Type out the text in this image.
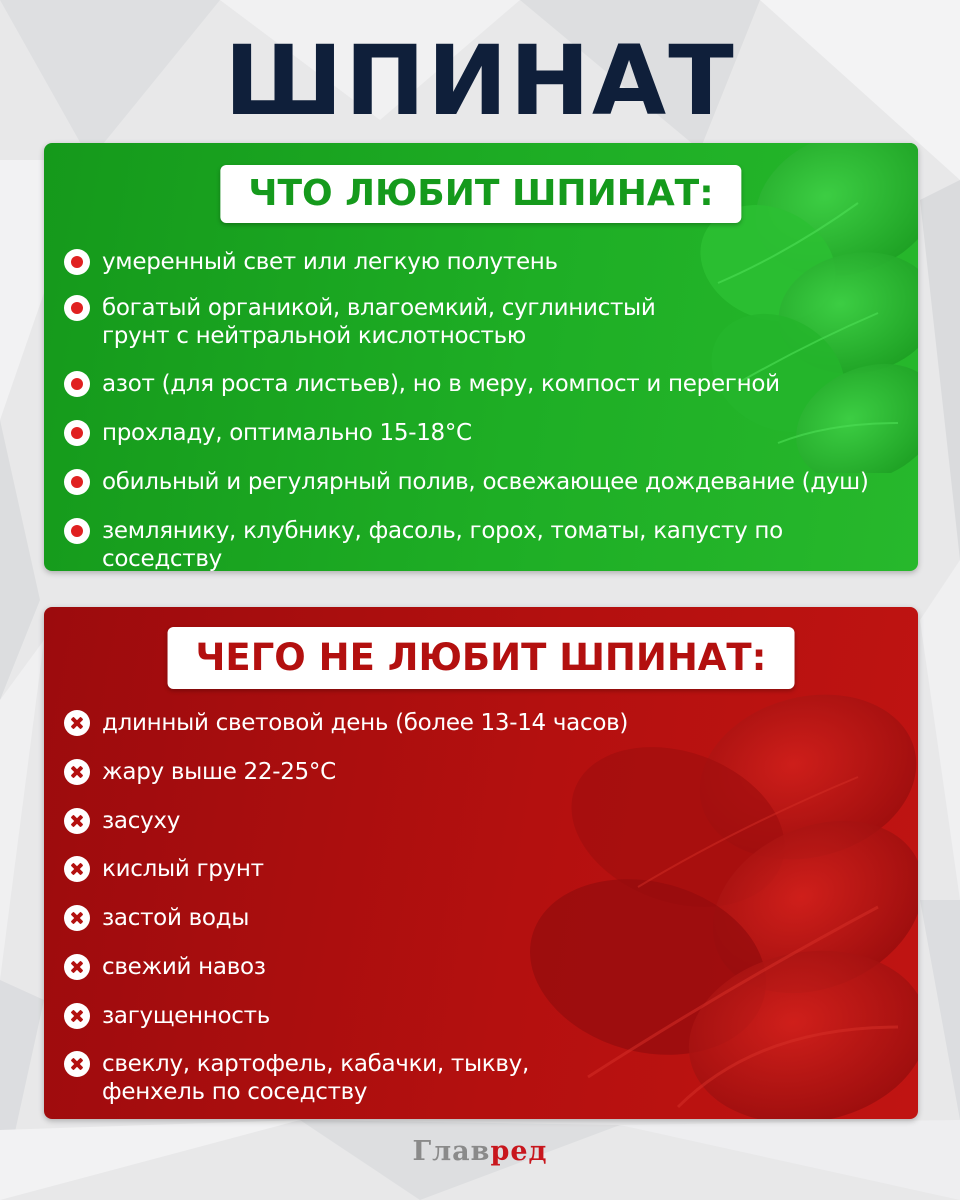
ШПИНАТ
ЧТО ЛЮБИТ ШПИНАТ:
умеренный свет или легкую полутень
богатый органикой, влагоемкий, суглинистый
грунт с нейтральной кислотностью
азот (для роста листьев), но в меру, компост и перегной
прохладу, оптимально 15-18°С
обильный и регулярный полив, освежающее дождевание (душ)
землянику, клубнику, фасоль, горох, томаты, капусту по соседству
ЧЕГО НЕ ЛЮБИТ ШПИНАТ:
длинный световой день (более 13-14 часов)
жару выше 22-25°С
засуху
кислый грунт
застой воды
свежий навоз
загущенность
свеклу, картофель, кабачки, тыкву,
фенхель по соседству
Главред
